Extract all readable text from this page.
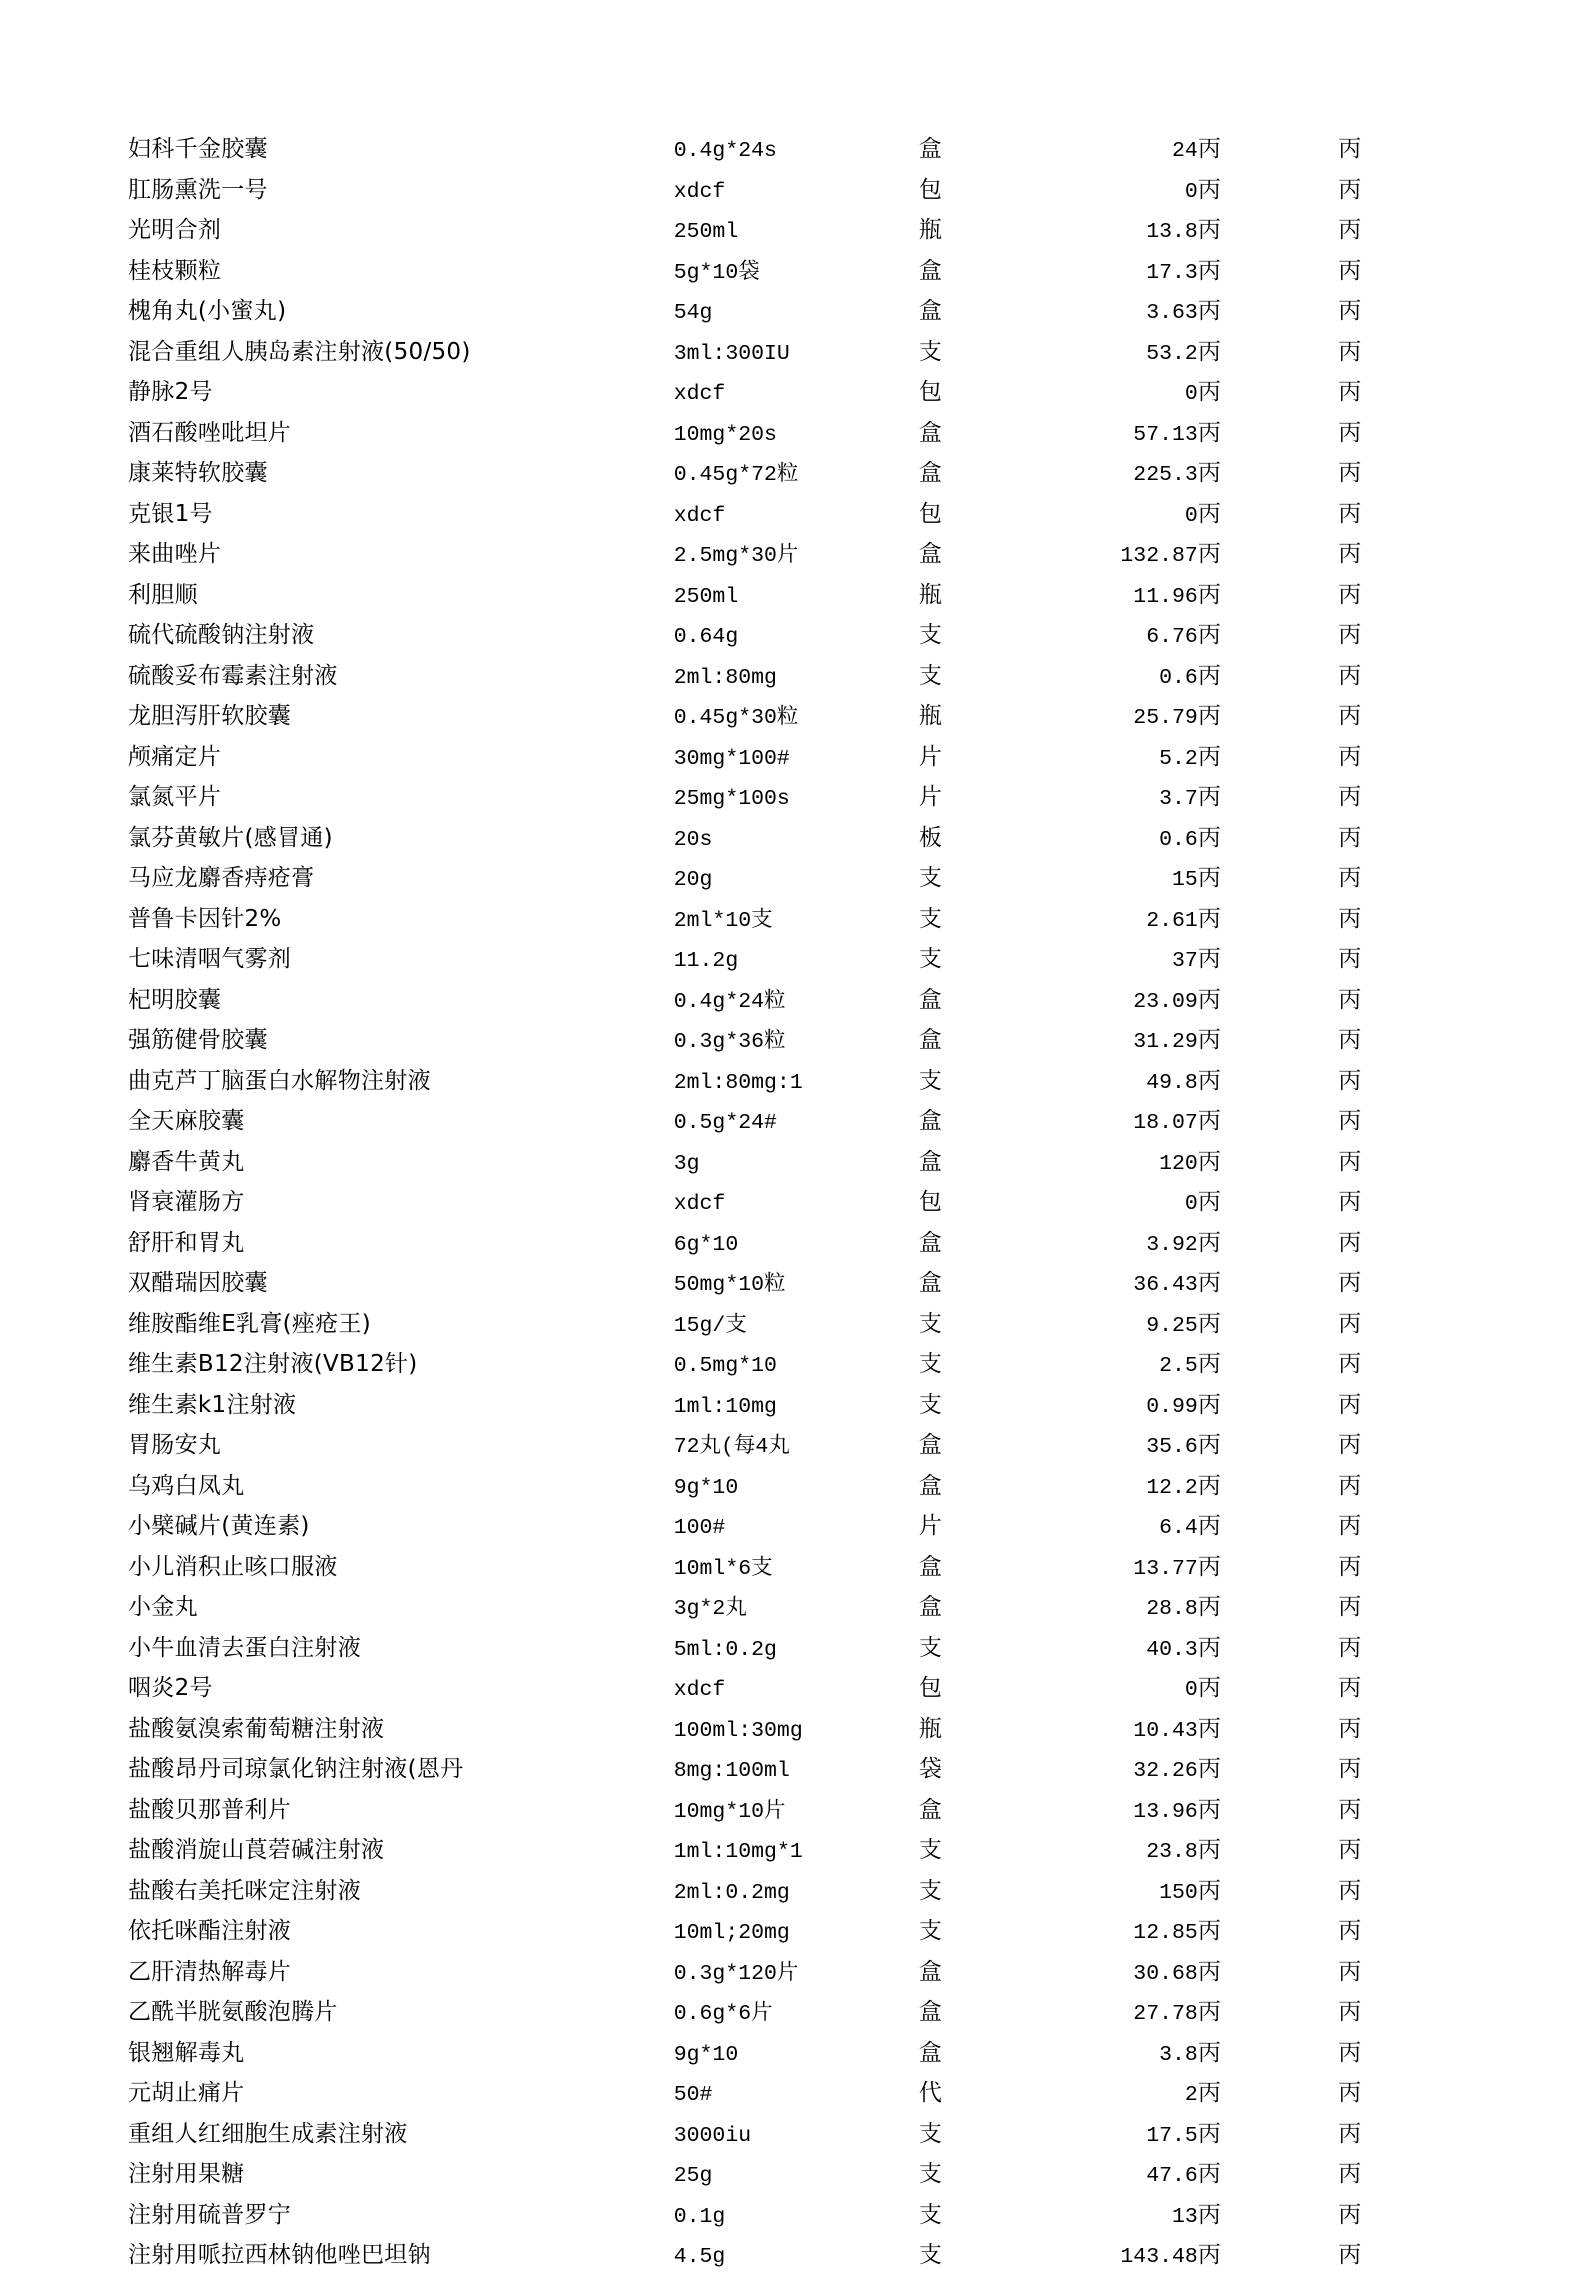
妇科千金胶囊	0.4g*24s	盒	24	丙	丙
肛肠熏洗一号	xdcf	包	0	丙	丙
光明合剂	250ml	瓶	13.8	丙	丙
桂枝颗粒	5g*10袋	盒	17.3	丙	丙
槐角丸(小蜜丸)	54g	盒	3.63	丙	丙
混合重组人胰岛素注射液(50/50)	3ml:300IU	支	53.2	丙	丙
静脉2号	xdcf	包	0	丙	丙
酒石酸唑吡坦片	10mg*20s	盒	57.13	丙	丙
康莱特软胶囊	0.45g*72粒	盒	225.3	丙	丙
克银1号	xdcf	包	0	丙	丙
来曲唑片	2.5mg*30片	盒	132.87	丙	丙
利胆顺	250ml	瓶	11.96	丙	丙
硫代硫酸钠注射液	0.64g	支	6.76	丙	丙
硫酸妥布霉素注射液	2ml:80mg	支	0.6	丙	丙
龙胆泻肝软胶囊	0.45g*30粒	瓶	25.79	丙	丙
颅痛定片	30mg*100#	片	5.2	丙	丙
氯氮平片	25mg*100s	片	3.7	丙	丙
氯芬黄敏片(感冒通)	20s	板	0.6	丙	丙
马应龙麝香痔疮膏	20g	支	15	丙	丙
普鲁卡因针2%	2ml*10支	支	2.61	丙	丙
七味清咽气雾剂	11.2g	支	37	丙	丙
杞明胶囊	0.4g*24粒	盒	23.09	丙	丙
强筋健骨胶囊	0.3g*36粒	盒	31.29	丙	丙
曲克芦丁脑蛋白水解物注射液	2ml:80mg:1	支	49.8	丙	丙
全天麻胶囊	0.5g*24#	盒	18.07	丙	丙
麝香牛黄丸	3g	盒	120	丙	丙
肾衰灌肠方	xdcf	包	0	丙	丙
舒肝和胃丸	6g*10	盒	3.92	丙	丙
双醋瑞因胶囊	50mg*10粒	盒	36.43	丙	丙
维胺酯维E乳膏(痤疮王)	15g/支	支	9.25	丙	丙
维生素B12注射液(VB12针)	0.5mg*10	支	2.5	丙	丙
维生素k1注射液	1ml:10mg	支	0.99	丙	丙
胃肠安丸	72丸(每4丸	盒	35.6	丙	丙
乌鸡白凤丸	9g*10	盒	12.2	丙	丙
小檗碱片(黄连素)	100#	片	6.4	丙	丙
小儿消积止咳口服液	10ml*6支	盒	13.77	丙	丙
小金丸	3g*2丸	盒	28.8	丙	丙
小牛血清去蛋白注射液	5ml:0.2g	支	40.3	丙	丙
咽炎2号	xdcf	包	0	丙	丙
盐酸氨溴索葡萄糖注射液	100ml:30mg	瓶	10.43	丙	丙
盐酸昂丹司琼氯化钠注射液(恩丹	8mg:100ml	袋	32.26	丙	丙
盐酸贝那普利片	10mg*10片	盒	13.96	丙	丙
盐酸消旋山莨菪碱注射液	1ml:10mg*1	支	23.8	丙	丙
盐酸右美托咪定注射液	2ml:0.2mg	支	150	丙	丙
依托咪酯注射液	10ml;20mg	支	12.85	丙	丙
乙肝清热解毒片	0.3g*120片	盒	30.68	丙	丙
乙酰半胱氨酸泡腾片	0.6g*6片	盒	27.78	丙	丙
银翘解毒丸	9g*10	盒	3.8	丙	丙
元胡止痛片	50#	代	2	丙	丙
重组人红细胞生成素注射液	3000iu	支	17.5	丙	丙
注射用果糖	25g	支	47.6	丙	丙
注射用硫普罗宁	0.1g	支	13	丙	丙
注射用哌拉西林钠他唑巴坦钠	4.5g	支	143.48	丙	丙
